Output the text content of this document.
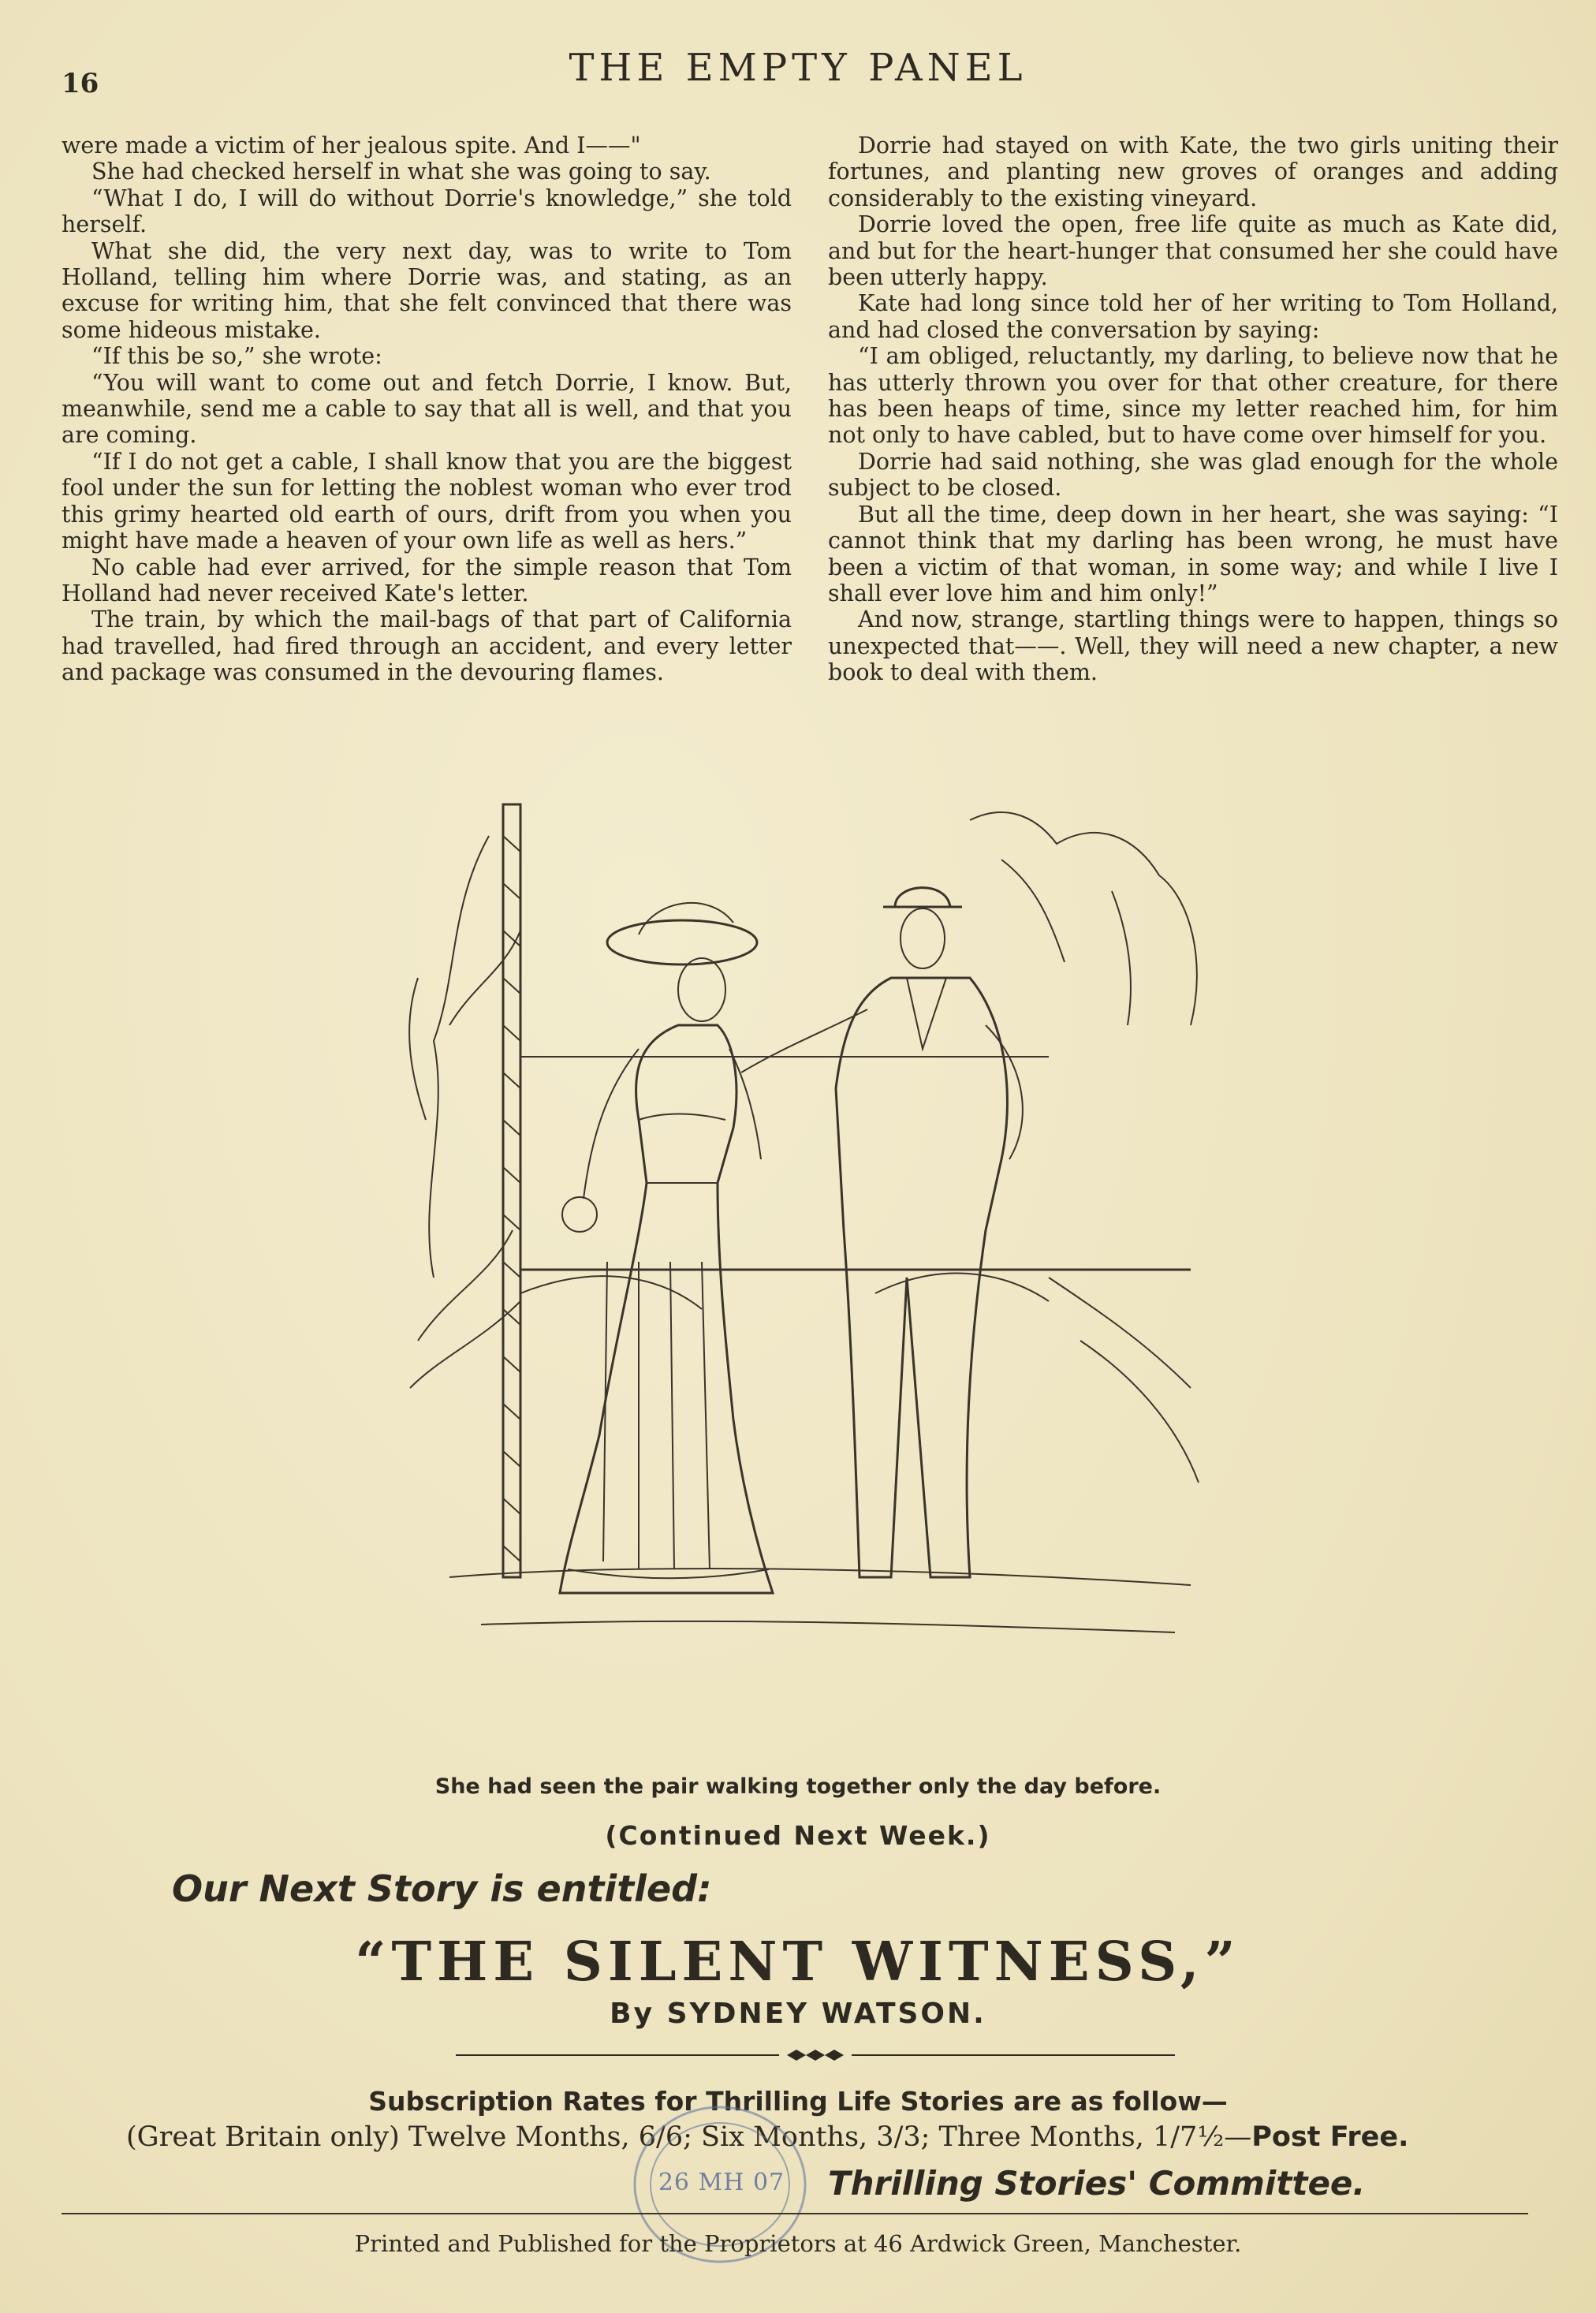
16	THE EMPTY PANEL

were made a victim of her jealous spite. And I——"

She had checked herself in what she was going to say.

“What I do, I will do without Dorrie's knowledge,” she told herself.

What she did, the very next day, was to write to Tom Holland, telling him where Dorrie was, and stating, as an excuse for writing him, that she felt convinced that there was some hideous mistake.

“If this be so,” she wrote:

“You will want to come out and fetch Dorrie, I know. But, meanwhile, send me a cable to say that all is well, and that you are coming.

“If I do not get a cable, I shall know that you are the biggest fool under the sun for letting the noblest woman who ever trod this grimy hearted old earth of ours, drift from you when you might have made a heaven of your own life as well as hers.”

No cable had ever arrived, for the simple reason that Tom Holland had never received Kate's letter.

The train, by which the mail-bags of that part of California had travelled, had fired through an accident, and every letter and package was consumed in the devouring flames.

Dorrie had stayed on with Kate, the two girls uniting their fortunes, and planting new groves of oranges and adding considerably to the existing vineyard.

Dorrie loved the open, free life quite as much as Kate did, and but for the heart-hunger that consumed her she could have been utterly happy.

Kate had long since told her of her writing to Tom Holland, and had closed the conversation by saying:

“I am obliged, reluctantly, my darling, to believe now that he has utterly thrown you over for that other creature, for there has been heaps of time, since my letter reached him, for him not only to have cabled, but to have come over himself for you.

Dorrie had said nothing, she was glad enough for the whole subject to be closed.

But all the time, deep down in her heart, she was saying: “I cannot think that my darling has been wrong, he must have been a victim of that woman, in some way; and while I live I shall ever love him and him only!”

And now, strange, startling things were to happen, things so unexpected that——. Well, they will need a new chapter, a new book to deal with them.

She had seen the pair walking together only the day before.
(Continued Next Week.)
Our Next Story is entitled:
“THE SILENT WITNESS,”
By SYDNEY WATSON.
Subscription Rates for Thrilling Life Stories are as follow—
(Great Britain only) Twelve Months, 6/6; Six Months, 3/3; Three Months, 1/7½—Post Free.
Thrilling Stories' Committee.
26 MH 07
Printed and Published for the Proprietors at 46 Ardwick Green, Manchester.
